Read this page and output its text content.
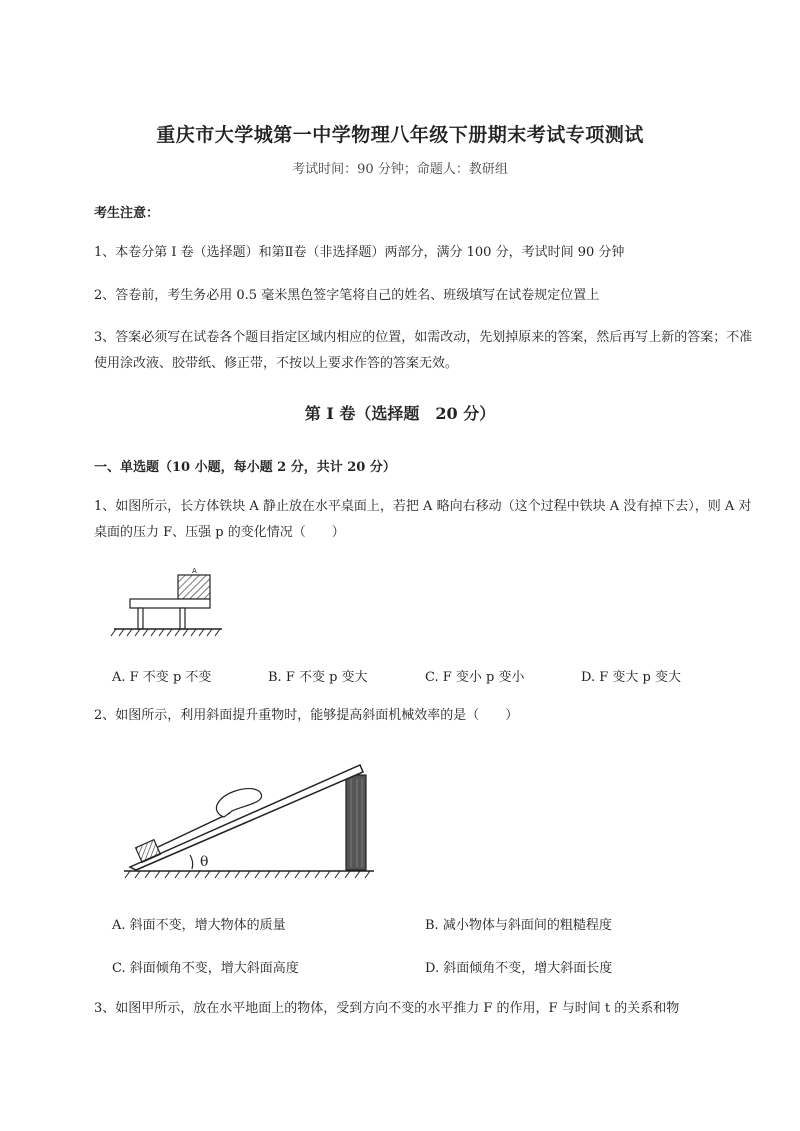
重庆市大学城第一中学物理八年级下册期末考试专项测试
考试时间：90 分钟；命题人：教研组
考生注意：
1、本卷分第 I 卷（选择题）和第Ⅱ卷（非选择题）两部分，满分 100 分，考试时间 90 分钟
2、答卷前，考生务必用 0.5 毫米黑色签字笔将自己的姓名、班级填写在试卷规定位置上
3、答案必须写在试卷各个题目指定区域内相应的位置，如需改动，先划掉原来的答案，然后再写上新的答案；不准使用涂改液、胶带纸、修正带，不按以上要求作答的答案无效。
第 I 卷（选择题　20 分）
一、单选题（10 小题，每小题 2 分，共计 20 分）
1、如图所示，长方体铁块 A 静止放在水平桌面上，若把 A 略向右移动（这个过程中铁块 A 没有掉下去），则 A 对桌面的压力 F、压强 p 的变化情况（　　）
A
A. F 不变 p 不变	B. F 不变 p 变大	C. F 变小 p 变小	D. F 变大 p 变大
2、如图所示，利用斜面提升重物时，能够提高斜面机械效率的是（　　）
θ
A. 斜面不变，增大物体的质量	B. 减小物体与斜面间的粗糙程度
C. 斜面倾角不变，增大斜面高度	D. 斜面倾角不变，增大斜面长度
3、如图甲所示，放在水平地面上的物体，受到方向不变的水平推力 F 的作用，F 与时间 t 的关系和物
